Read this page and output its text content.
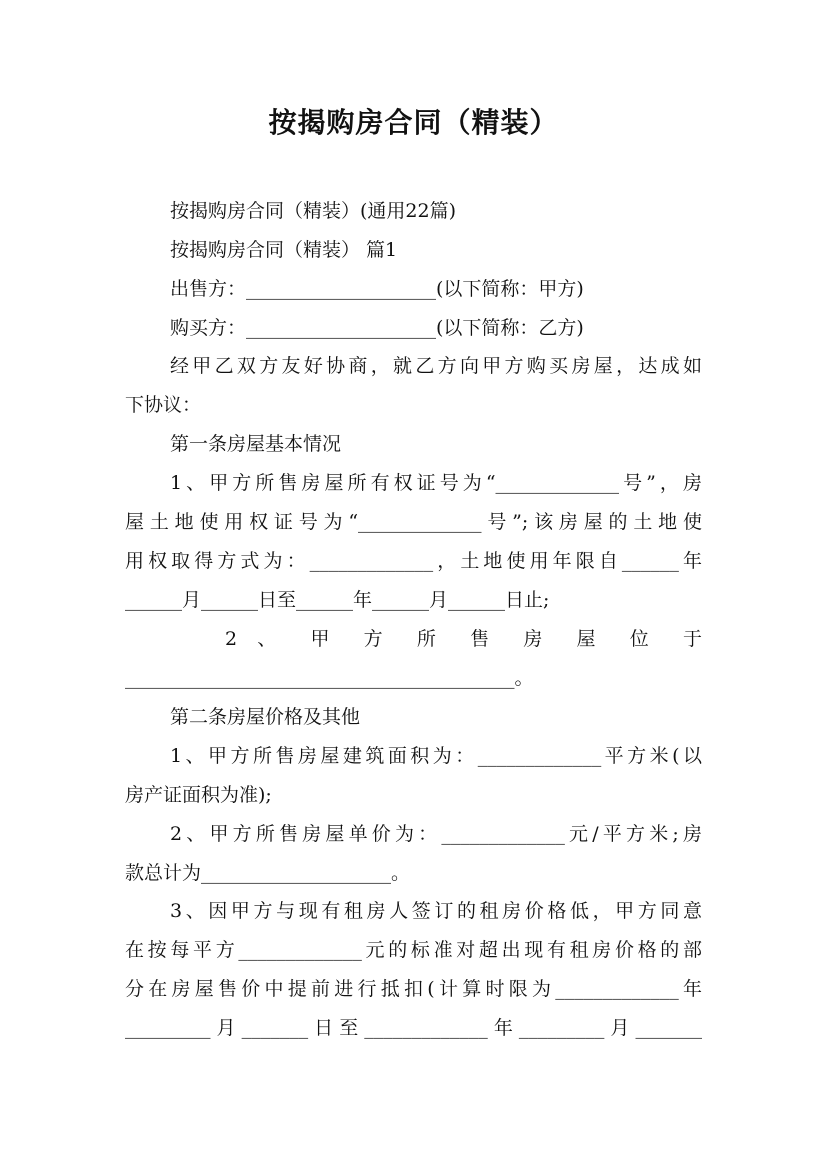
按揭购房合同（精装）
按揭购房合同（精装）(通用22篇)
按揭购房合同（精装） 篇1
出售方：____________________(以下简称：甲方)
购买方：____________________(以下简称：乙方)
经甲乙双方友好协商，就乙方向甲方购买房屋，达成如
下协议：
第一条房屋基本情况
1、甲方所售房屋所有权证号为“_____________号”，房
屋土地使用权证号为“_____________号”;该房屋的土地使
用权取得方式为：_____________，土地使用年限自______年
______月______日至______年______月______日止;
2 、 甲 方 所 售 房 屋 位 于
_________________________________________。
第二条房屋价格及其他
1、甲方所售房屋建筑面积为：_____________平方米(以
房产证面积为准);
2、甲方所售房屋单价为：_____________元/平方米;房
款总计为____________________。
3、因甲方与现有租房人签订的租房价格低，甲方同意
在按每平方_____________元的标准对超出现有租房价格的部
分在房屋售价中提前进行抵扣(计算时限为_____________年
_________月_______日至_____________年_________月_______
